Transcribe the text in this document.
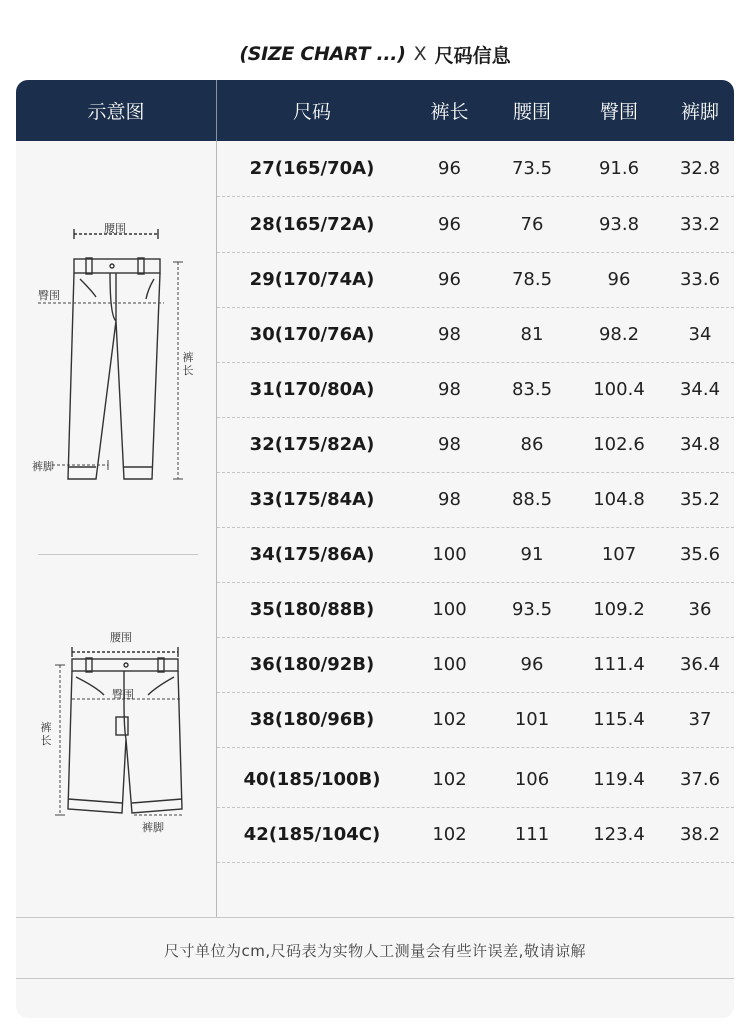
(SIZE CHART ...) X 尺码信息
示意图	尺码	裤长	腰围	臀围	裤脚
腰围
臀围
裤长
裤脚
腰围
臀围
裤长
裤脚
27(165/70A)	96	73.5	91.6	32.8
28(165/72A)	96	76	93.8	33.2
29(170/74A)	96	78.5	96	33.6
30(170/76A)	98	81	98.2	34
31(170/80A)	98	83.5	100.4	34.4
32(175/82A)	98	86	102.6	34.8
33(175/84A)	98	88.5	104.8	35.2
34(175/86A)	100	91	107	35.6
35(180/88B)	100	93.5	109.2	36
36(180/92B)	100	96	111.4	36.4
38(180/96B)	102	101	115.4	37
40(185/100B)	102	106	119.4	37.6
42(185/104C)	102	111	123.4	38.2
尺寸单位为cm,尺码表为实物人工测量会有些许误差,敬请谅解
